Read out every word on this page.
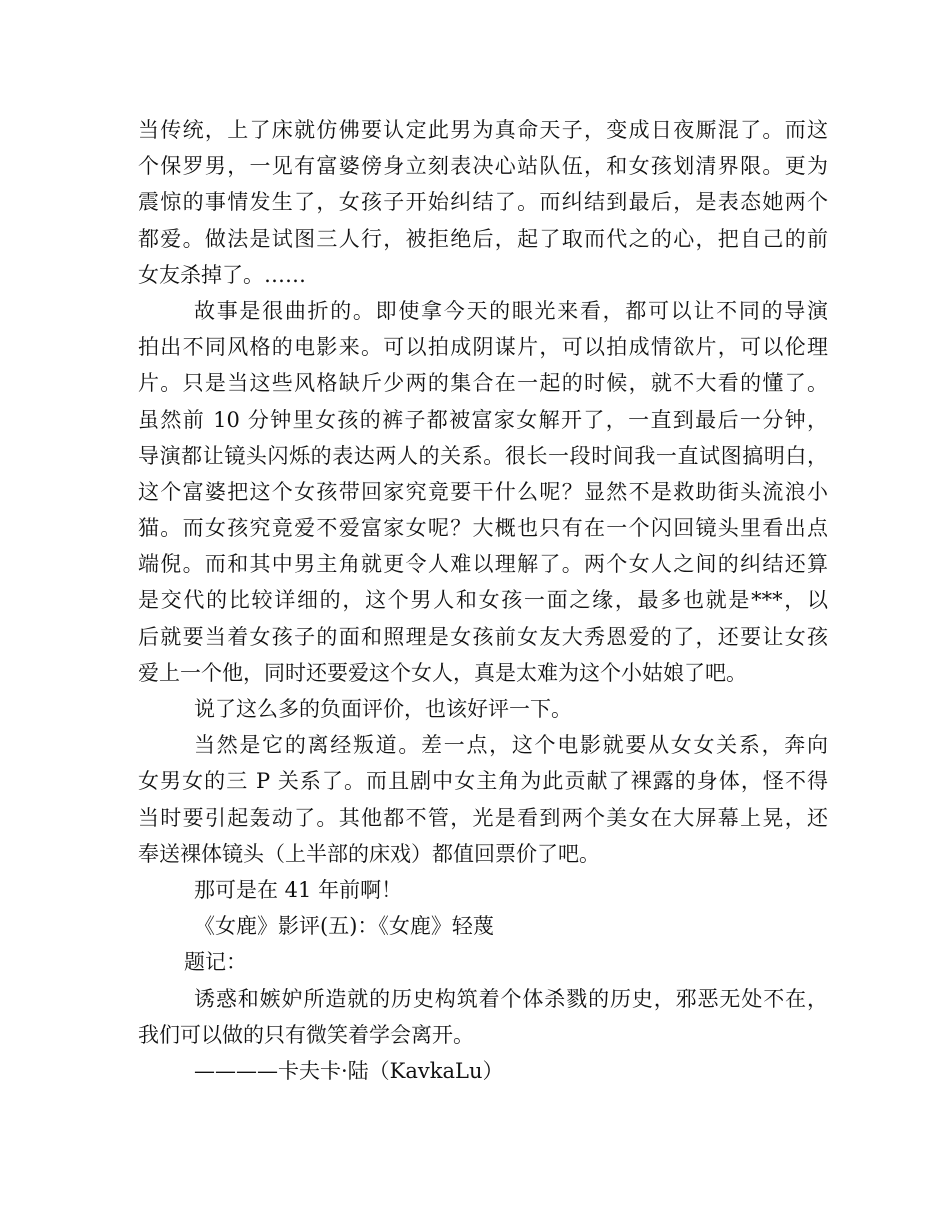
当传统，上了床就仿佛要认定此男为真命天子，变成日夜厮混了。而这
个保罗男，一见有富婆傍身立刻表决心站队伍，和女孩划清界限。更为
震惊的事情发生了，女孩子开始纠结了。而纠结到最后，是表态她两个
都爱。做法是试图三人行，被拒绝后，起了取而代之的心，把自己的前
女友杀掉了。……
故事是很曲折的。即使拿今天的眼光来看，都可以让不同的导演
拍出不同风格的电影来。可以拍成阴谋片，可以拍成情欲片，可以伦理
片。只是当这些风格缺斤少两的集合在一起的时候，就不大看的懂了。
虽然前 10 分钟里女孩的裤子都被富家女解开了，一直到最后一分钟，
导演都让镜头闪烁的表达两人的关系。很长一段时间我一直试图搞明白，
这个富婆把这个女孩带回家究竟要干什么呢？显然不是救助街头流浪小
猫。而女孩究竟爱不爱富家女呢？大概也只有在一个闪回镜头里看出点
端倪。而和其中男主角就更令人难以理解了。两个女人之间的纠结还算
是交代的比较详细的，这个男人和女孩一面之缘，最多也就是***，以
后就要当着女孩子的面和照理是女孩前女友大秀恩爱的了，还要让女孩
爱上一个他，同时还要爱这个女人，真是太难为这个小姑娘了吧。
说了这么多的负面评价，也该好评一下。
当然是它的离经叛道。差一点，这个电影就要从女女关系，奔向
女男女的三 P 关系了。而且剧中女主角为此贡献了裸露的身体，怪不得
当时要引起轰动了。其他都不管，光是看到两个美女在大屏幕上晃，还
奉送裸体镜头（上半部的床戏）都值回票价了吧。
那可是在 41 年前啊！
《女鹿》影评(五)：《女鹿》轻蔑
题记：
诱惑和嫉妒所造就的历史构筑着个体杀戮的历史，邪恶无处不在，
我们可以做的只有微笑着学会离开。
————卡夫卡·陆（KavkaLu）
